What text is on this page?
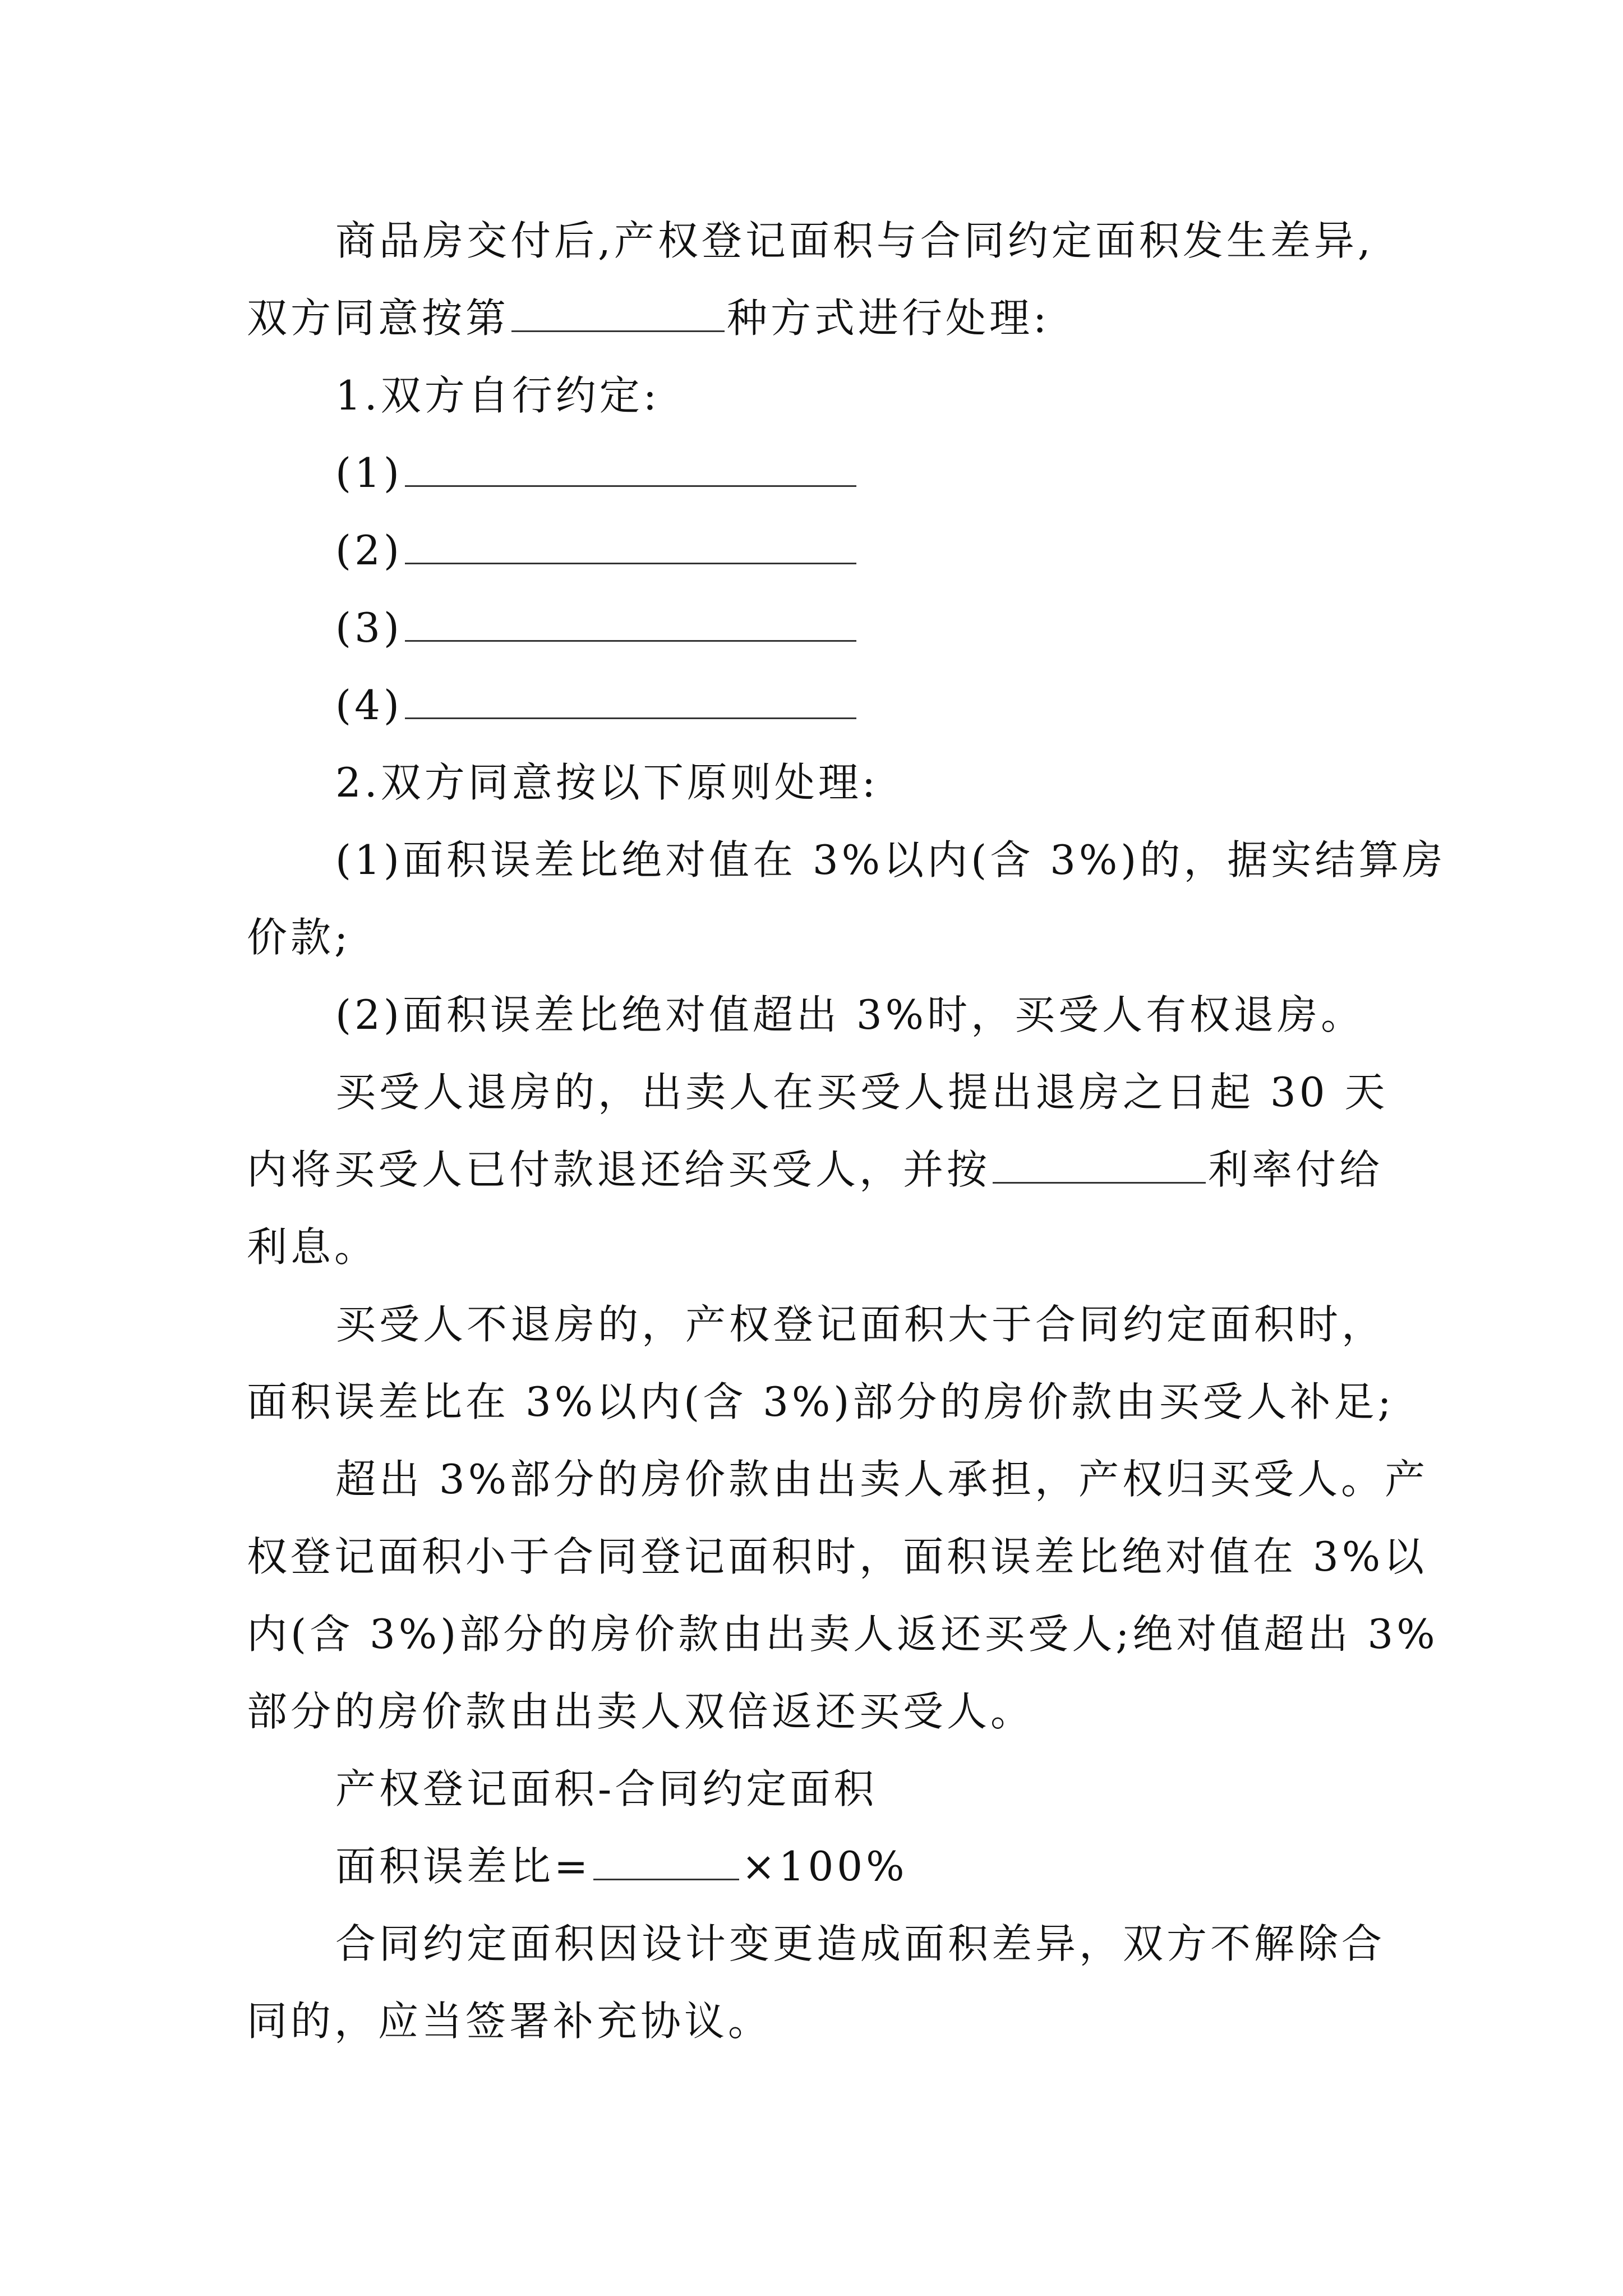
商品房交付后,产权登记面积与合同约定面积发生差异,
双方同意按第	种方式进行处理:
1.双方自行约定:
(1)
(2)
(3)
(4)
2.双方同意按以下原则处理:
(1)面积误差比绝对值在 3%以内(含 3%)的，据实结算房
价款;
(2)面积误差比绝对值超出 3%时，买受人有权退房。
买受人退房的，出卖人在买受人提出退房之日起 30 天
内将买受人已付款退还给买受人，并按	利率付给
利息。
买受人不退房的，产权登记面积大于合同约定面积时，
面积误差比在 3%以内(含 3%)部分的房价款由买受人补足;
超出 3%部分的房价款由出卖人承担，产权归买受人。产
权登记面积小于合同登记面积时，面积误差比绝对值在 3%以
内(含 3%)部分的房价款由出卖人返还买受人;绝对值超出 3%
部分的房价款由出卖人双倍返还买受人。
产权登记面积-合同约定面积
面积误差比=	×100%
合同约定面积因设计变更造成面积差异，双方不解除合
同的，应当签署补充协议。
